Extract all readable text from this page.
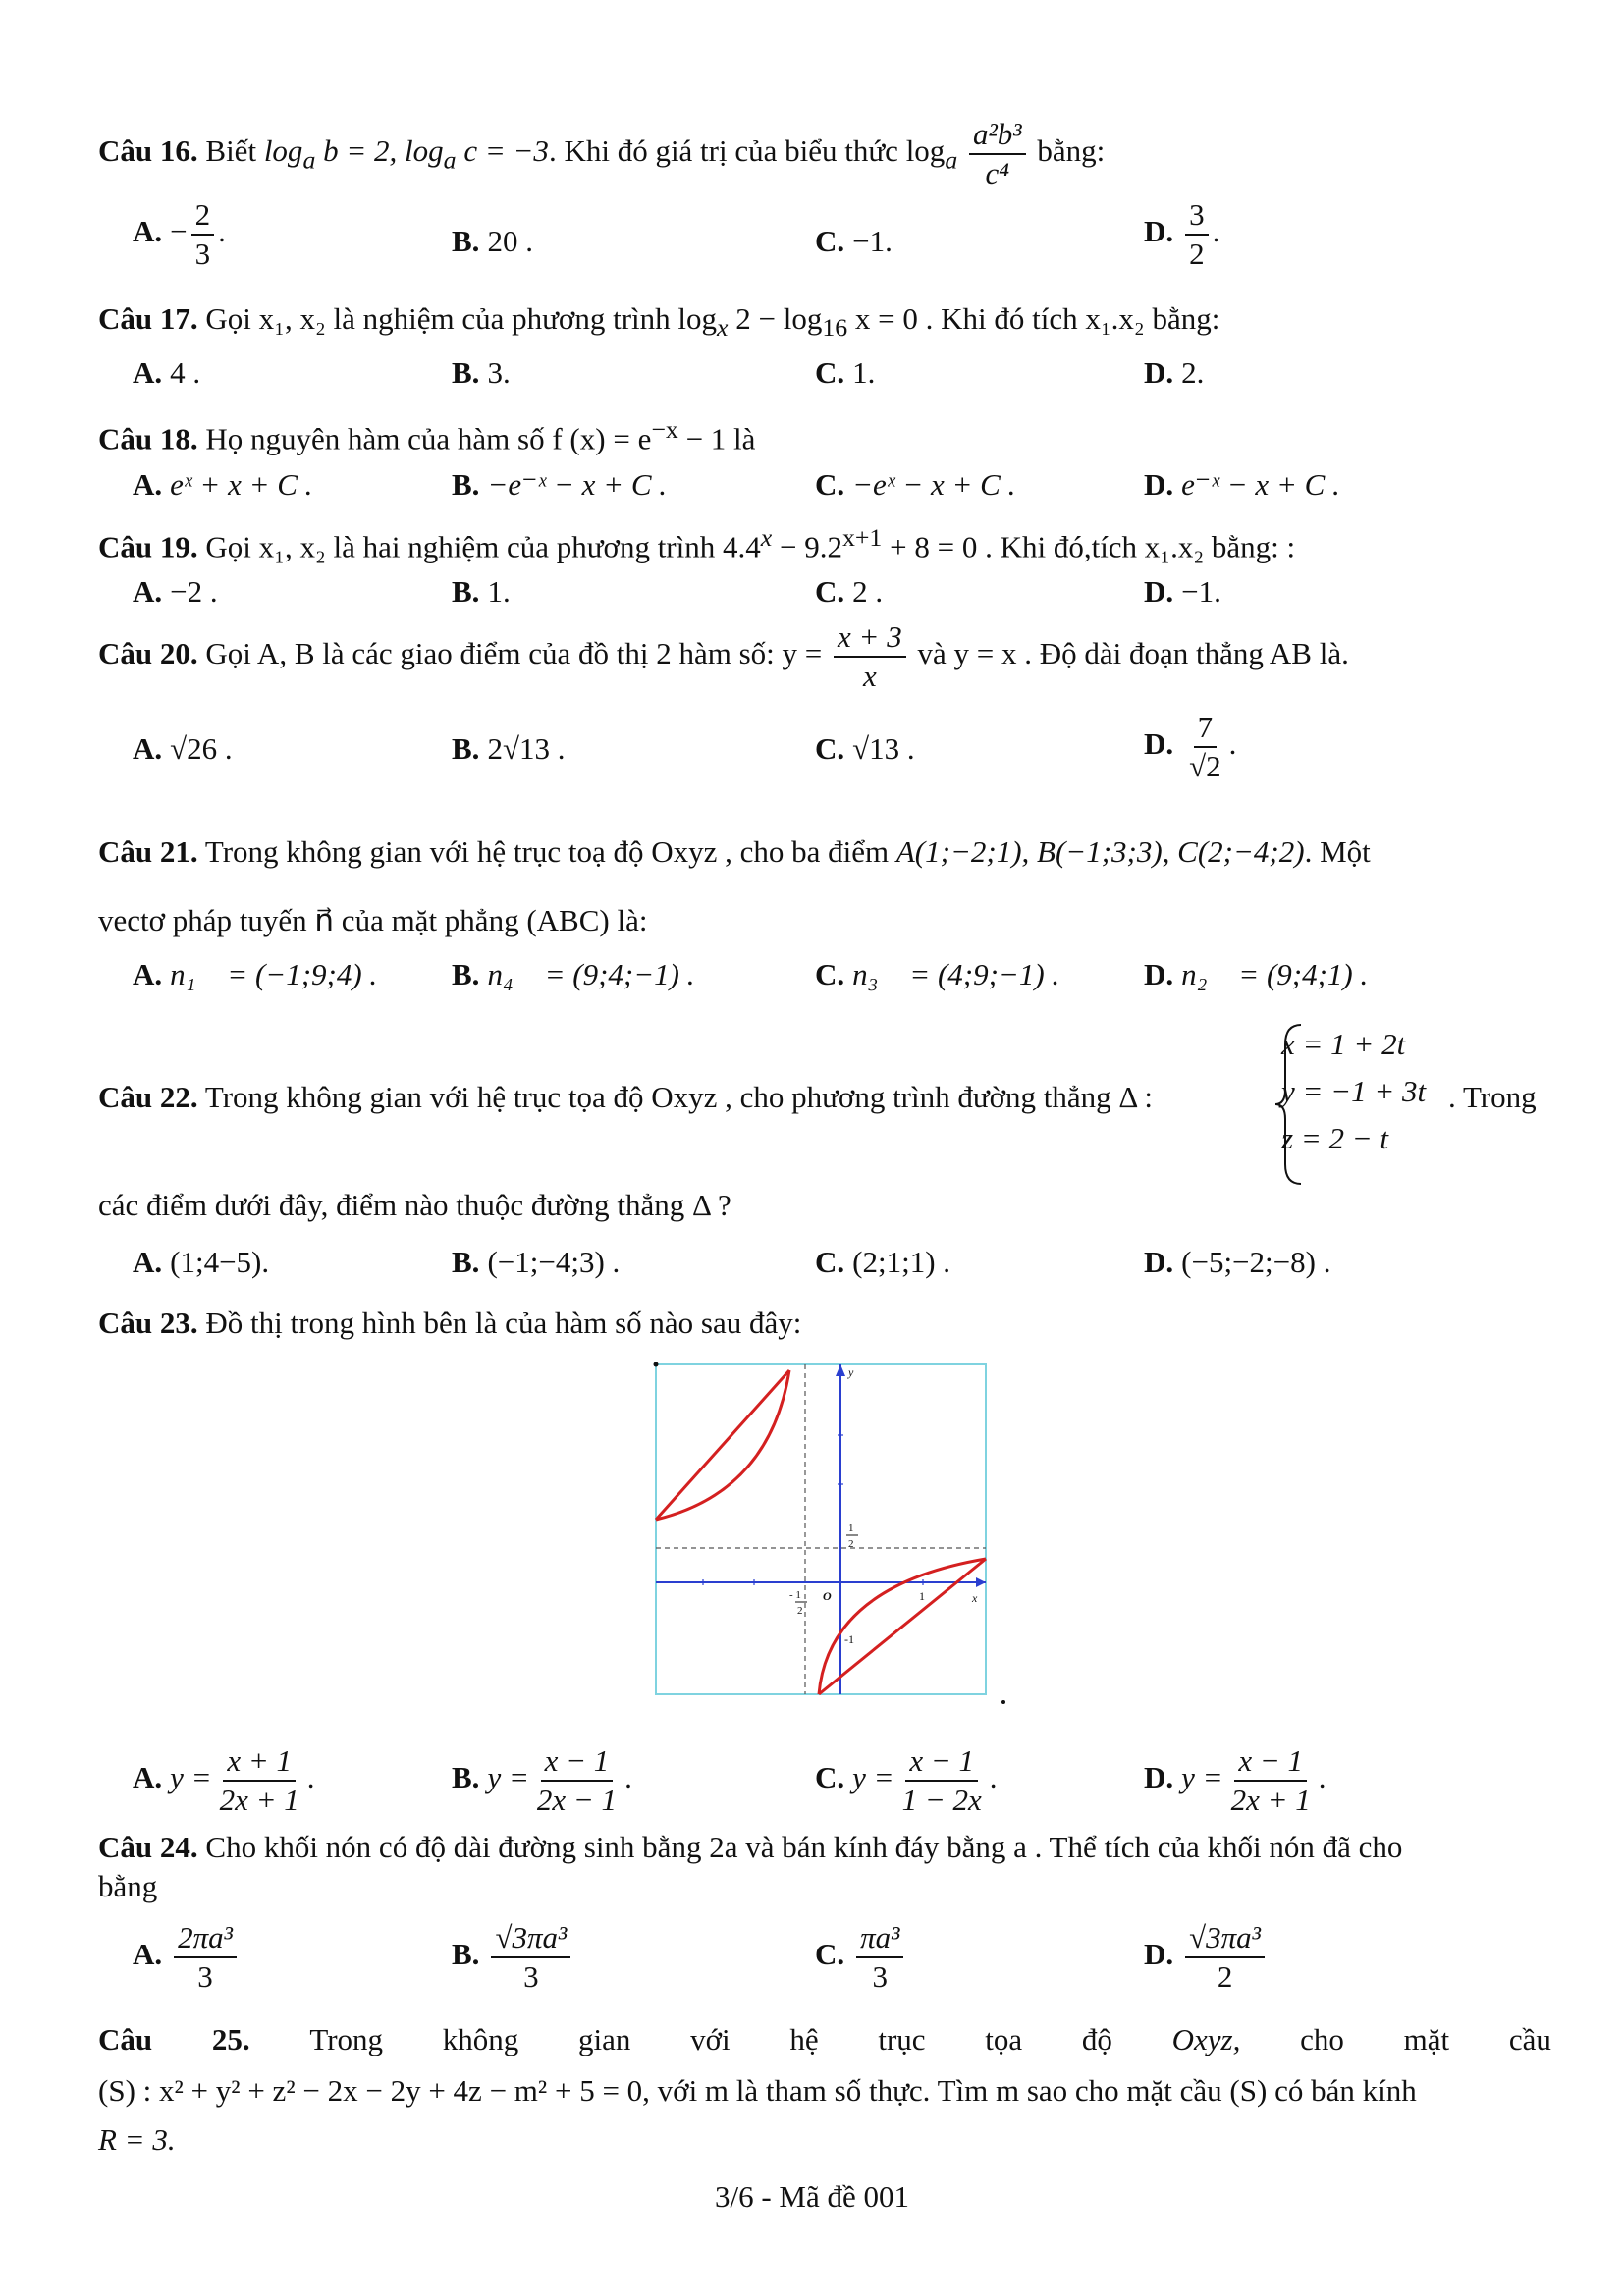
Câu 16. Biết $\log_a b = 2$, $\log_a c = -3$. Khi đó giá trị của biểu thức $\log_a \frac{\text{a²b³}}{\text{c⁴}}$ bằng:
A. − $\frac{2}{3}$ .	B. 20 .	C. −1.	D. $\frac{3}{2}$ .
Câu 17. Gọi x₁, x₂ là nghiệm của phương trình $\log_x 2 - \log_{16} x = 0$ . Khi đó tích x₁.x₂ bằng:
A. 4 .	B. 3.	C. 1.	D. 2.
Câu 18. Họ nguyên hàm của hàm số f $(x) = e^{-x} - 1$ là
A. eˣ + x + C .	B. −e⁻ˣ − x + C .	C. −eˣ − x + C .	D. e⁻ˣ − x + C .
Câu 19. Gọi x₁, x₂ là hai nghiệm của phương trình $4.4^x - 9.2^{x+1} + 8 = 0$ . Khi đó,tích x₁.x₂ bằng: :
A. −2 .	B. 1.	C. 2 .	D. −1.
Câu 20. Gọi A, B là các giao điểm của đồ thị 2 hàm số: $y = \frac{x + 3}{x}$ và y = x . Độ dài đoạn thẳng AB là.
A. √26 .	B. 2√13 .	C. √13 .	D. $\frac{7}{√2}$ .
Câu 21. Trong không gian với hệ trục toạ độ Oxyz , cho ba điểm A(1;−2;1), B(−1;3;3), C(2;−4;2). Một
vectơ pháp tuyến n⃗ của mặt phẳng (ABC) là:
A. n₁⃗ = (−1;9;4) . B. n₄⃗ = (9;4;−1) .	C. n₃⃗ = (4;9;−1) .	D. n₂⃗ = (9;4;1) .
Câu 22. Trong không gian với hệ trục tọa độ Oxyz , cho phương trình đường thẳng Δ :
x = 1 + 2t
y = −1 + 3t
z = 2 − t
. Trong
các điểm dưới đây, điểm nào thuộc đường thẳng Δ ?
A. (1;4−5).	B. (−1;−4;3) .	C. (2;1;1) .	D. (−5;−2;−8) .
Câu 23. Đồ thị trong hình bên là của hàm số nào sau đây:
y
x
O
1
2
- 1
2
1
-1
A. $y = \frac{x + 1}{2x + 1}$ .	B. $y = \frac{x - 1}{2x - 1}$ .	C. $y = \frac{x - 1}{1 - 2x}$ .	D. $y = \frac{x - 1}{2x + 1}$ .
Câu 24. Cho khối nón có độ dài đường sinh bằng 2a và bán kính đáy bằng a . Thể tích của khối nón đã cho
bằng
A. $\frac{\text{2πa³}}{3}$	B. $\frac{\text{√3πa³}}{3}$	C. $\frac{\text{πa³}}{3}$	D. $\frac{\text{√3πa³}}{2}$
Câu 25. Trong không gian với hệ trục tọa độ Oxyz, cho mặt cầu
(S) : x² + y² + z² − 2x − 2y + 4z − m² + 5 = 0, với m là tham số thực. Tìm m sao cho mặt cầu (S) có bán kính
R = 3.
3/6 - Mã đề 001
